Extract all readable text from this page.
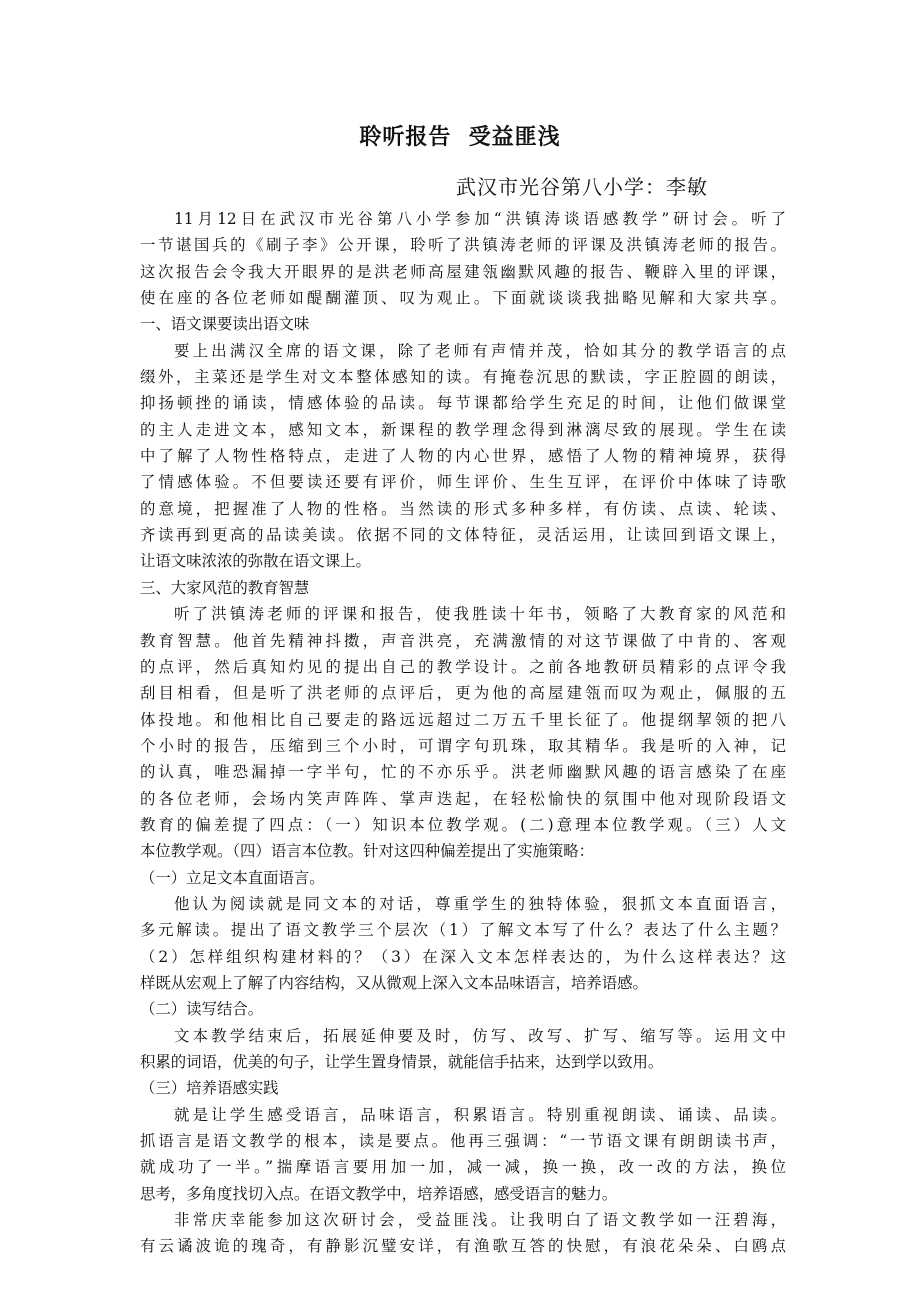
聆听报告  受益匪浅
武汉市光谷第八小学：李敏
11月12日在武汉市光谷第八小学参加“洪镇涛谈语感教学”研讨会。听了
一节谌国兵的《刷子李》公开课，聆听了洪镇涛老师的评课及洪镇涛老师的报告。
这次报告会令我大开眼界的是洪老师高屋建瓴幽默风趣的报告、鞭辟入里的评课，
使在座的各位老师如醍醐灌顶、叹为观止。下面就谈谈我拙略见解和大家共享。
一、语文课要读出语文味
要上出满汉全席的语文课，除了老师有声情并茂，恰如其分的教学语言的点
缀外，主菜还是学生对文本整体感知的读。有掩卷沉思的默读，字正腔圆的朗读，
抑扬顿挫的诵读，情感体验的品读。每节课都给学生充足的时间，让他们做课堂
的主人走进文本，感知文本，新课程的教学理念得到淋漓尽致的展现。学生在读
中了解了人物性格特点，走进了人物的内心世界，感悟了人物的精神境界，获得
了情感体验。不但要读还要有评价，师生评价、生生互评，在评价中体味了诗歌
的意境，把握准了人物的性格。当然读的形式多种多样，有仿读、点读、轮读、
齐读再到更高的品读美读。依据不同的文体特征，灵活运用，让读回到语文课上，
让语文味浓浓的弥散在语文课上。
三、大家风范的教育智慧
听了洪镇涛老师的评课和报告，使我胜读十年书，领略了大教育家的风范和
教育智慧。他首先精神抖擞，声音洪亮，充满激情的对这节课做了中肯的、客观
的点评，然后真知灼见的提出自己的教学设计。之前各地教研员精彩的点评令我
刮目相看，但是听了洪老师的点评后，更为他的高屋建瓴而叹为观止，佩服的五
体投地。和他相比自己要走的路远远超过二万五千里长征了。他提纲挈领的把八
个小时的报告，压缩到三个小时，可谓字句玑珠，取其精华。我是听的入神，记
的认真，唯恐漏掉一字半句，忙的不亦乐乎。洪老师幽默风趣的语言感染了在座
的各位老师，会场内笑声阵阵、掌声迭起，在轻松愉快的氛围中他对现阶段语文
教育的偏差提了四点：（一）知识本位教学观。(二)意理本位教学观。（三）人文
本位教学观。（四）语言本位教。针对这四种偏差提出了实施策略：
（一）立足文本直面语言。
他认为阅读就是同文本的对话，尊重学生的独特体验，狠抓文本直面语言，
多元解读。提出了语文教学三个层次（1）了解文本写了什么？表达了什么主题？
（2）怎样组织构建材料的？（3）在深入文本怎样表达的，为什么这样表达？这
样既从宏观上了解了内容结构，又从微观上深入文本品味语言，培养语感。
（二）读写结合。
文本教学结束后，拓展延伸要及时，仿写、改写、扩写、缩写等。运用文中
积累的词语，优美的句子，让学生置身情景，就能信手拈来，达到学以致用。
（三）培养语感实践
就是让学生感受语言，品味语言，积累语言。特别重视朗读、诵读、品读。
抓语言是语文教学的根本，读是要点。他再三强调：“一节语文课有朗朗读书声，
就成功了一半。”揣摩语言要用加一加，减一减，换一换，改一改的方法，换位
思考，多角度找切入点。在语文教学中，培养语感，感受语言的魅力。
非常庆幸能参加这次研讨会，受益匪浅。让我明白了语文教学如一汪碧海，
有云谲波诡的瑰奇，有静影沉璧安详，有渔歌互答的快慰，有浪花朵朵、白鸥点
